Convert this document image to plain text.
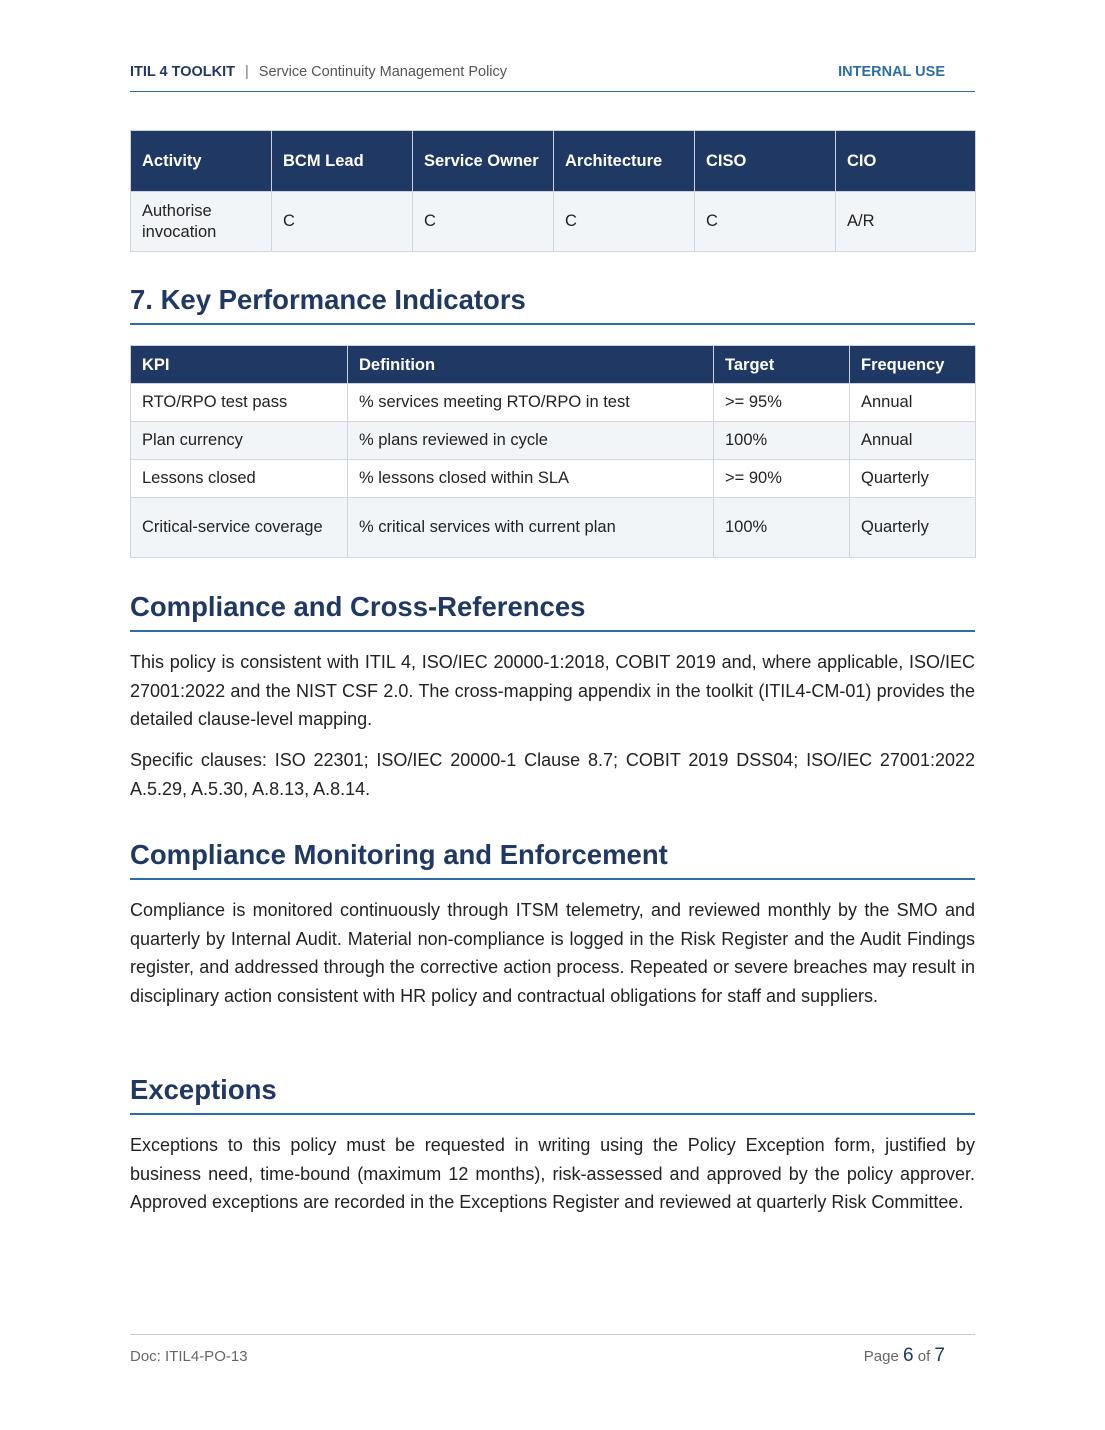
ITIL 4 TOOLKIT | Service Continuity Management Policy	INTERNAL USE
Activity	BCM Lead	Service Owner	Architecture	CISO	CIO
Authorise invocation	C	C	C	C	A/R
7. Key Performance Indicators
KPI	Definition	Target	Frequency
RTO/RPO test pass	% services meeting RTO/RPO in test	>= 95%	Annual
Plan currency	% plans reviewed in cycle	100%	Annual
Lessons closed	% lessons closed within SLA	>= 90%	Quarterly
Critical-service coverage	% critical services with current plan	100%	Quarterly
Compliance and Cross-References

This policy is consistent with ITIL 4, ISO/IEC 20000-1:2018, COBIT 2019 and, where applicable, ISO/IEC 27001:2022 and the NIST CSF 2.0. The cross-mapping appendix in the toolkit (ITIL4-CM-01) provides the detailed clause-level mapping.

Specific clauses: ISO 22301; ISO/IEC 20000-1 Clause 8.7; COBIT 2019 DSS04; ISO/IEC 27001:2022 A.5.29, A.5.30, A.8.13, A.8.14.

Compliance Monitoring and Enforcement

Compliance is monitored continuously through ITSM telemetry, and reviewed monthly by the SMO and quarterly by Internal Audit. Material non-compliance is logged in the Risk Register and the Audit Findings register, and addressed through the corrective action process. Repeated or severe breaches may result in disciplinary action consistent with HR policy and contractual obligations for staff and suppliers.

Exceptions

Exceptions to this policy must be requested in writing using the Policy Exception form, justified by business need, time-bound (maximum 12 months), risk-assessed and approved by the policy approver. Approved exceptions are recorded in the Exceptions Register and reviewed at quarterly Risk Committee.

Doc: ITIL4-PO-13	Page 6 of 7
